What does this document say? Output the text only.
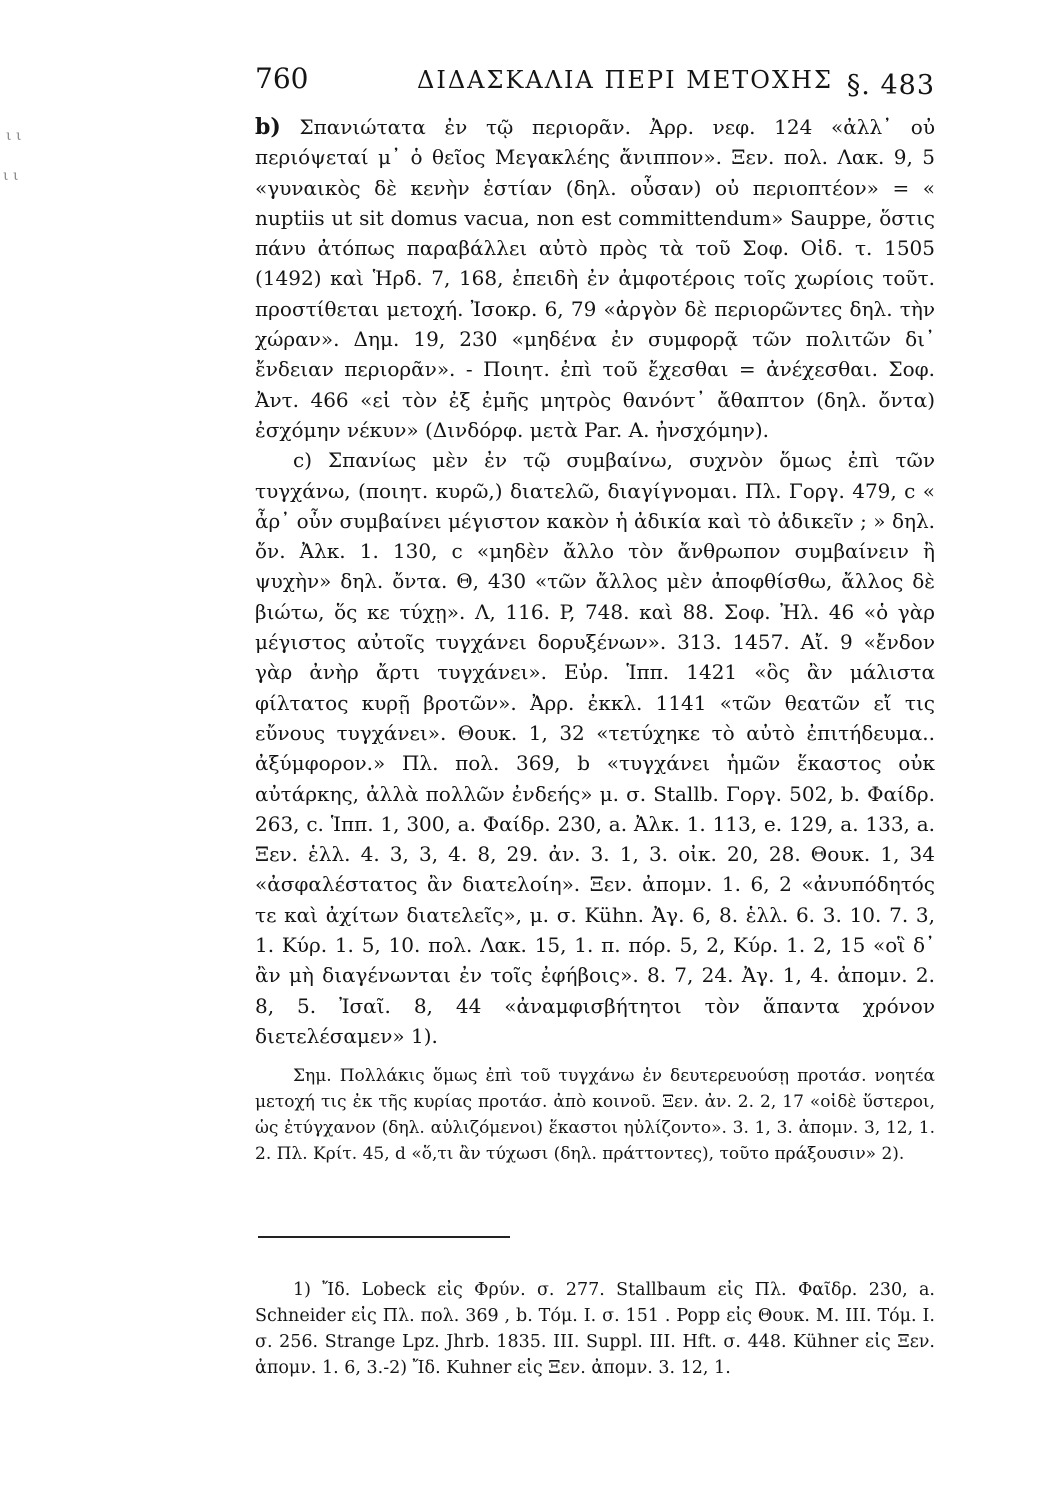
ι ι
ι ι
760	ΔΙΔΑΣΚΑΛΙΑ ΠΕΡΙ ΜΕΤΟΧΗΣ §. 483

b) Σπανιώτατα ἐν τῷ περιορᾶν. Ἀρρ. νεφ. 124 «ἀλλ᾽ οὐ περιόψεταί μ᾽ ὁ θεῖος Μεγακλέης ἄνιππον». Ξεν. πολ. Λακ. 9, 5 «γυναικὸς δὲ κενὴν ἑστίαν (δηλ. οὖσαν) οὐ περιοπτέον» = « nuptiis ut sit domus vacua, non est committendum» Sauppe, ὅστις πάνυ ἀτόπως παραβάλλει αὐτὸ πρὸς τὰ τοῦ Σοφ. Οἰδ. τ. 1505 (1492) καὶ Ἡρδ. 7, 168, ἐπειδὴ ἐν ἀμφοτέροις τοῖς χωρίοις τοῦτ. προστίθεται μετοχή. Ἰσοκρ. 6, 79 «ἀργὸν δὲ περιορῶντες δηλ. τὴν χώραν». Δημ. 19, 230 «μηδένα ἐν συμφορᾷ τῶν πολιτῶν δι᾽ ἔνδειαν περιορᾶν». - Ποιητ. ἐπὶ τοῦ ἔχεσθαι = ἀνέχεσθαι. Σοφ. Ἀντ. 466 «εἰ τὸν ἐξ ἐμῆς μητρὸς θανόντ᾽ ἄθαπτον (δηλ. ὄντα) ἐσχόμην νέκυν» (Δινδόρφ. μετὰ Par. A. ἠνσχόμην).

c) Σπανίως μὲν ἐν τῷ συμβαίνω, συχνὸν ὅμως ἐπὶ τῶν τυγχάνω, (ποιητ. κυρῶ,) διατελῶ, διαγίγνομαι. Πλ. Γοργ. 479, c « ἆρ᾽ οὖν συμβαίνει μέγιστον κακὸν ἡ ἀδικία καὶ τὸ ἀδικεῖν ; » δηλ. ὄν. Ἀλκ. 1. 130, c «μηδὲν ἄλλο τὸν ἄνθρωπον συμβαίνειν ἢ ψυχὴν» δηλ. ὄντα. Θ, 430 «τῶν ἄλλος μὲν ἀποφθίσθω, ἄλλος δὲ βιώτω, ὅς κε τύχῃ». Λ, 116. P, 748. καὶ 88. Σοφ. Ἠλ. 46 «ὁ γὰρ μέγιστος αὐτοῖς τυγχάνει δορυξένων». 313. 1457. Αἴ. 9 «ἔνδον γὰρ ἀνὴρ ἄρτι τυγχάνει». Εὐρ. Ἱππ. 1421 «ὃς ἂν μάλιστα φίλτατος κυρῇ βροτῶν». Ἀρρ. ἐκκλ. 1141 «τῶν θεατῶν εἴ τις εὔνους τυγχάνει». Θουκ. 1, 32 «τετύχηκε τὸ αὐτὸ ἐπιτήδευμα.. ἀξύμφορον.» Πλ. πολ. 369, b «τυγχάνει ἡμῶν ἕκαστος οὐκ αὐτάρκης, ἀλλὰ πολλῶν ἐνδεής» μ. σ. Stallb. Γοργ. 502, b. Φαίδρ. 263, c. Ἱππ. 1, 300, a. Φαίδρ. 230, a. Ἀλκ. 1. 113, e. 129, a. 133, a. Ξεν. ἑλλ. 4. 3, 3, 4. 8, 29. ἀν. 3. 1, 3. οἰκ. 20, 28. Θουκ. 1, 34 «ἀσφαλέστατος ἂν διατελοίη». Ξεν. ἀπομν. 1. 6, 2 «ἀνυπόδητός τε καὶ ἀχίτων διατελεῖς», μ. σ. Kühn. Ἀγ. 6, 8. ἑλλ. 6. 3. 10. 7. 3, 1. Κύρ. 1. 5, 10. πολ. Λακ. 15, 1. π. πόρ. 5, 2, Κύρ. 1. 2, 15 «οἳ δ᾽ ἂν μὴ διαγένωνται ἐν τοῖς ἐφήβοις». 8. 7, 24. Ἀγ. 1, 4. ἀπομν. 2. 8, 5. Ἰσαῖ. 8, 44 «ἀναμφισβήτητοι τὸν ἅπαντα χρόνον διετελέσαμεν» 1).

Σημ. Πολλάκις ὅμως ἐπὶ τοῦ τυγχάνω ἐν δευτερευούσῃ προτάσ. νοητέα μετοχή τις ἐκ τῆς κυρίας προτάσ. ἀπὸ κοινοῦ. Ξεν. ἀν. 2. 2, 17 «οἱδὲ ὕστεροι, ὡς ἐτύγχανον (δηλ. αὐλιζόμενοι) ἕκαστοι ηὐλίζοντο». 3. 1, 3. ἀπομν. 3, 12, 1. 2. Πλ. Κρίτ. 45, d «ὅ,τι ἂν τύχωσι (δηλ. πράττοντες), τοῦτο πράξουσιν» 2).

1) Ἴδ. Lobeck εἰς Φρύν. σ. 277. Stallbaum εἰς Πλ. Φαῖδρ. 230, a. Schneider εἰς Πλ. πολ. 369 , b. Τόμ. I. σ. 151 . Popp εἰς Θουκ. M. III. Τόμ. I. σ. 256. Strange Lpz. Jhrb. 1835. III. Suppl. III. Hft. σ. 448. Kühner εἰς Ξεν. ἀπομν. 1. 6, 3.-2) Ἴδ. Kuhner εἰς Ξεν. ἀπομν. 3. 12, 1.
